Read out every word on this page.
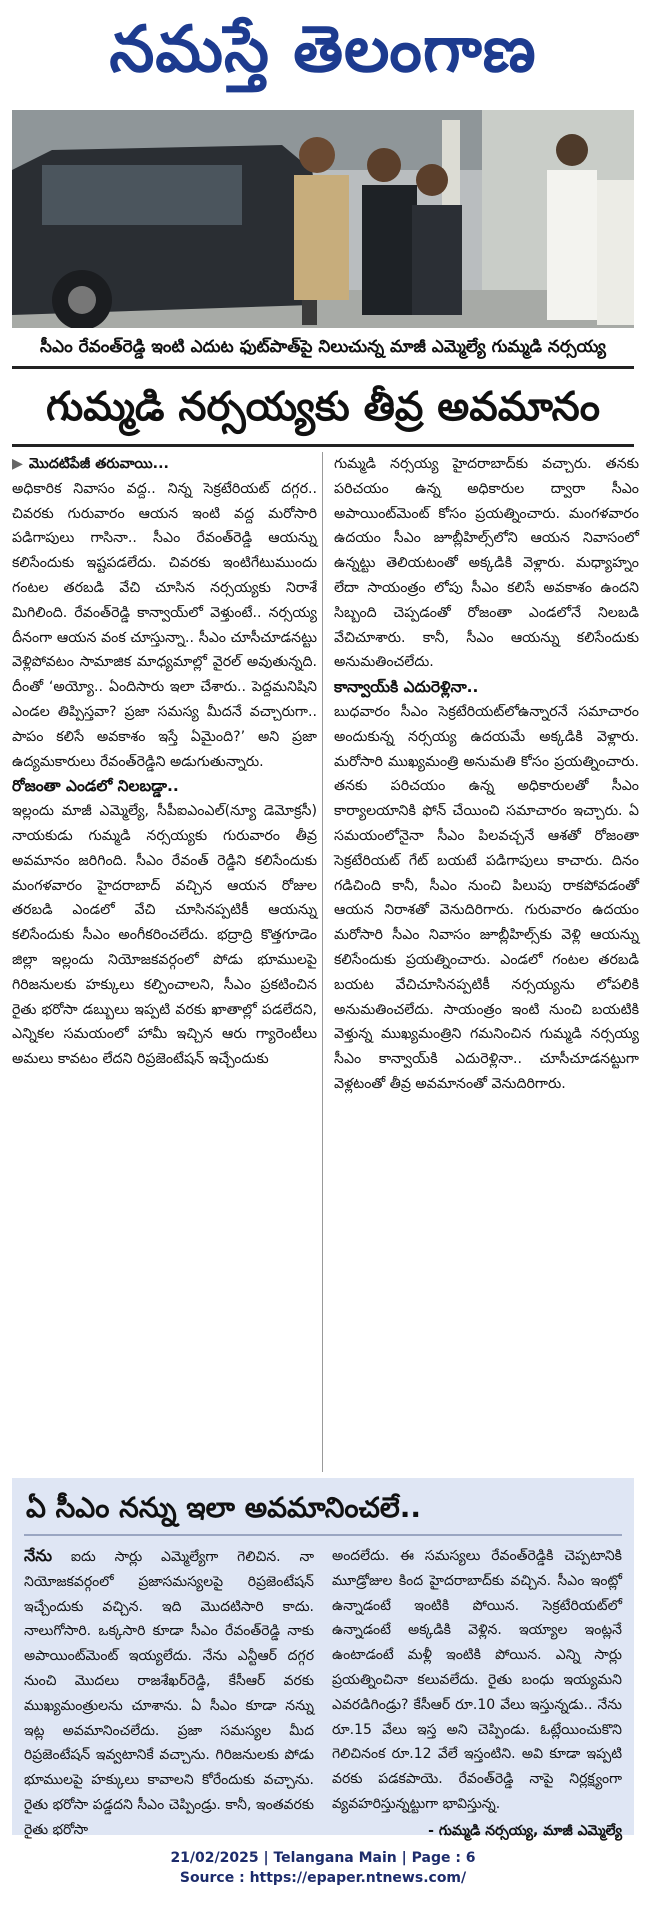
నమస్తే తెలంగాణ
సీఎం రేవంత్‌రెడ్డి ఇంటి ఎదుట ఫుట్‌పాత్‌పై నిలుచున్న మాజీ ఎమ్మెల్యే గుమ్మడి నర్సయ్య
గుమ్మడి నర్సయ్యకు తీవ్ర అవమానం

▶ మొదటిపేజీ తరువాయి...

అధికారిక నివాసం వద్ద.. నిన్న సెక్రటేరియట్‌ దగ్గర.. చివరకు గురువారం ఆయన ఇంటి వద్ద మరోసారి పడిగాపులు గాసినా.. సీఎం రేవంత్‌రెడ్డి ఆయన్ను కలిసేందుకు ఇష్టపడలేదు. చివరకు ఇంటిగేటుముందు గంటల తరబడి వేచి చూసిన నర్సయ్యకు నిరాశే మిగిలింది. రేవంత్‌రెడ్డి కాన్వాయ్‌లో వెళ్తుంటే.. నర్సయ్య దీనంగా ఆయన వంక చూస్తున్నా.. సీఎం చూసీచూడనట్టు వెళ్లిపోవటం సామాజిక మాధ్యమాల్లో వైరల్‌ అవుతున్నది. దీంతో ‘అయ్యో.. ఏందిసారు ఇలా చేశారు.. పెద్దమనిషిని ఎండల తిప్పిస్తవా? ప్రజా సమస్య మీదనే వచ్చారుగా.. పాపం కలిసే అవకాశం ఇస్తే ఏమైంది?’ అని ప్రజా ఉద్యమకారులు రేవంత్‌రెడ్డిని అడుగుతున్నారు.

రోజంతా ఎండలో నిలబడ్డా..

ఇల్లందు మాజీ ఎమ్మెల్యే, సీపీఐఎంఎల్‌(న్యూ డెమోక్రసీ) నాయకుడు గుమ్మడి నర్సయ్యకు గురువారం తీవ్ర అవమానం జరిగింది. సీఎం రేవంత్‌ రెడ్డిని కలిసేందుకు మంగళవారం హైదరాబాద్‌ వచ్చిన ఆయన రోజుల తరబడి ఎండలో వేచి చూసినప్పటికీ ఆయన్ను కలిసేందుకు సీఎం అంగీకరించలేదు. భద్రాద్రి కొత్తగూడెం జిల్లా ఇల్లందు నియోజకవర్గంలో పోడు భూములపై గిరిజనులకు హక్కులు కల్పించాలని, సీఎం ప్రకటించిన రైతు భరోసా డబ్బులు ఇప్పటి వరకు ఖాతాల్లో పడలేదని, ఎన్నికల సమయంలో హామీ ఇచ్చిన ఆరు గ్యారెంటీలు అమలు కావటం లేదని రిప్రజెంటేషన్‌ ఇచ్చేందుకు

గుమ్మడి నర్సయ్య హైదరాబాద్‌కు వచ్చారు. తనకు పరిచయం ఉన్న అధికారుల ద్వారా సీఎం అపాయింట్‌మెంట్‌ కోసం ప్రయత్నించారు. మంగళవారం ఉదయం సీఎం జూబ్లీహిల్స్‌లోని ఆయన నివాసంలో ఉన్నట్టు తెలియటంతో అక్కడికి వెళ్లారు. మధ్యాహ్నం లేదా సాయంత్రం లోపు సీఎం కలిసే అవకాశం ఉందని సిబ్బంది చెప్పడంతో రోజంతా ఎండలోనే నిలబడి వేచిచూశారు. కానీ, సీఎం ఆయన్ను కలిసేందుకు అనుమతించలేదు.

కాన్వాయ్‌కి ఎదురెళ్లినా..

బుధవారం సీఎం సెక్రటేరియట్‌లోఉన్నారనే సమాచారం అందుకున్న నర్సయ్య ఉదయమే అక్కడికి వెళ్లారు. మరోసారి ముఖ్యమంత్రి అనుమతి కోసం ప్రయత్నించారు. తనకు పరిచయం ఉన్న అధికారులతో సీఎం కార్యాలయానికి ఫోన్‌ చేయించి సమాచారం ఇచ్చారు. ఏ సమయంలోనైనా సీఎం పిలవచ్చనే ఆశతో రోజంతా సెక్రటేరియట్‌ గేట్‌ బయటే పడిగాపులు కాచారు. దినం గడిచింది కానీ, సీఎం నుంచి పిలుపు రాకపోవడంతో ఆయన నిరాశతో వెనుదిరిగారు. గురువారం ఉదయం మరోసారి సీఎం నివాసం జూబ్లీహిల్స్‌కు వెళ్లి ఆయన్ను కలిసేందుకు ప్రయత్నించారు. ఎండలో గంటల తరబడి బయట వేచిచూసినప్పటికీ నర్సయ్యను లోపలికి అనుమతించలేదు. సాయంత్రం ఇంటి నుంచి బయటికి వెళ్తున్న ముఖ్యమంత్రిని గమనించిన గుమ్మడి నర్సయ్య సీఎం కాన్వాయ్‌కి ఎదురెళ్లినా.. చూసీచూడనట్టుగా వెళ్లటంతో తీవ్ర అవమానంతో వెనుదిరిగారు.

ఏ సీఎం నన్ను ఇలా అవమానించలే..

నేను ఐదు సార్లు ఎమ్మెల్యేగా గెలిచిన. నా నియోజకవర్గంలో ప్రజాసమస్యలపై రిప్రజెంటేషన్‌ ఇచ్చేందుకు వచ్చిన. ఇది మొదటిసారి కాదు. నాలుగోసారి. ఒక్కసారి కూడా సీఎం రేవంత్‌రెడ్డి నాకు అపాయింట్‌మెంట్‌ ఇయ్యలేదు. నేను ఎన్టీఆర్‌ దగ్గర నుంచి మొదలు రాజశేఖర్‌రెడ్డి, కేసీఆర్‌ వరకు ముఖ్యమంత్రులను చూశాను. ఏ సీఎం కూడా నన్ను ఇట్ల అవమానించలేదు. ప్రజా సమస్యల మీద రిప్రజెంటేషన్‌ ఇవ్వటానికే వచ్చాను. గిరిజనులకు పోడు భూములపై హక్కులు కావాలని కోరేందుకు వచ్చాను. రైతు భరోసా పడ్డదని సీఎం చెప్పిండ్రు. కానీ, ఇంతవరకు రైతు భరోసా

అందలేదు. ఈ సమస్యలు రేవంత్‌రెడ్డికి చెప్పటానికి మూడ్రోజుల కింద హైదరాబాద్‌కు వచ్చిన. సీఎం ఇంట్లో ఉన్నాడంటే ఇంటికి పోయిన. సెక్రటేరియట్‌లో ఉన్నాడంటే అక్కడికి వెళ్లిన. ఇయ్యాల ఇంట్లనే ఉంటాడంటే మళ్లీ ఇంటికి పోయిన. ఎన్ని సార్లు ప్రయత్నించినా కలువలేదు. రైతు బంధు ఇయ్యమని ఎవరడిగిండ్రు? కేసీఆర్‌ రూ.10 వేలు ఇస్తున్నడు.. నేను రూ.15 వేలు ఇస్త అని చెప్పిండు. ఓట్లేయించుకొని గెలిచినంక రూ.12 వేలే ఇస్తంటిని. అవి కూడా ఇప్పటి వరకు పడకపాయె. రేవంత్‌రెడ్డి నాపై నిర్లక్ష్యంగా వ్యవహరిస్తున్నట్టుగా భావిస్తున్న.

- గుమ్మడి నర్సయ్య, మాజీ ఎమ్మెల్యే
21/02/2025 | Telangana Main | Page : 6
Source : https://epaper.ntnews.com/
